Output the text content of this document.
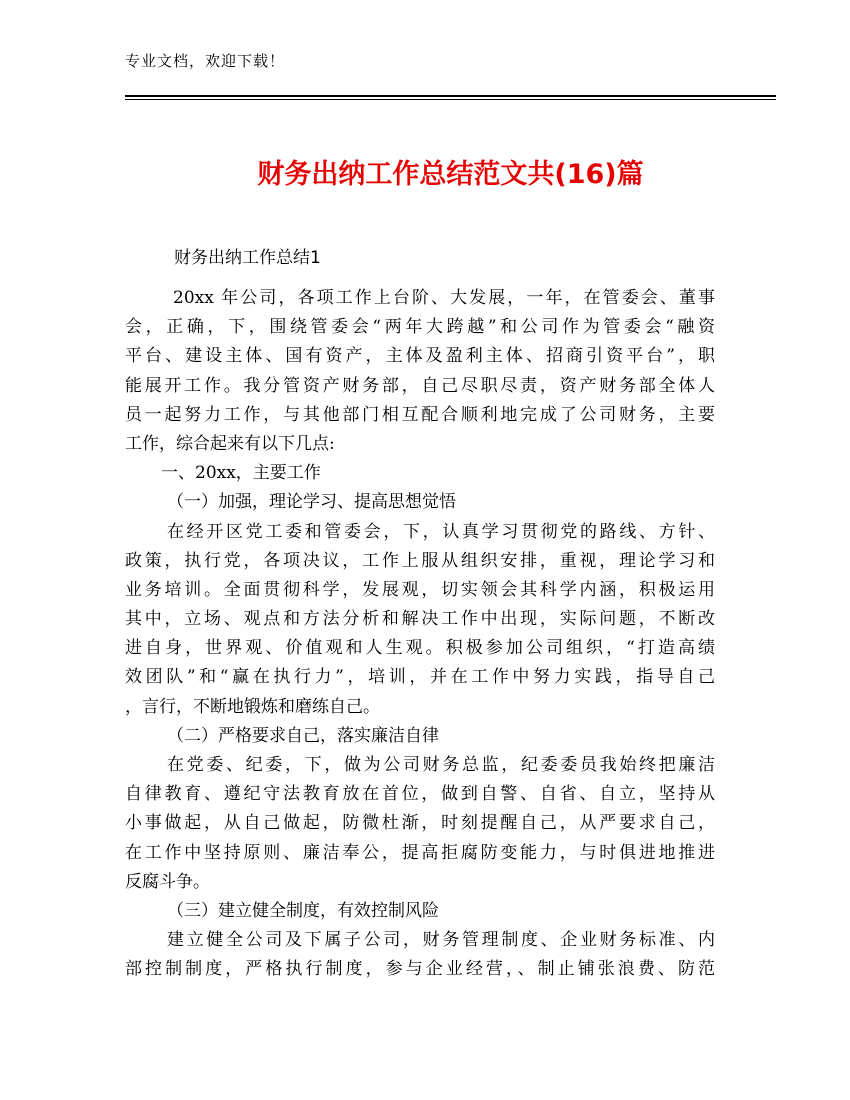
专业文档，欢迎下载！
财务出纳工作总结范文共(16)篇
财务出纳工作总结1
20xx 年公司，各项工作上台阶、大发展，一年，在管委会、董事
会，正确，下，围绕管委会“两年大跨越”和公司作为管委会“融资
平台、建设主体、国有资产，主体及盈利主体、招商引资平台”，职
能展开工作。我分管资产财务部，自己尽职尽责，资产财务部全体人
员一起努力工作，与其他部门相互配合顺利地完成了公司财务，主要
工作，综合起来有以下几点:
一、20xx，主要工作
（一）加强，理论学习、提高思想觉悟
在经开区党工委和管委会，下，认真学习贯彻党的路线、方针、
政策，执行党，各项决议，工作上服从组织安排，重视，理论学习和
业务培训。全面贯彻科学，发展观，切实领会其科学内涵，积极运用
其中，立场、观点和方法分析和解决工作中出现，实际问题，不断改
进自身，世界观、价值观和人生观。积极参加公司组织，“打造高绩
效团队”和“赢在执行力”，培训，并在工作中努力实践，指导自己
，言行，不断地锻炼和磨练自己。
（二）严格要求自己，落实廉洁自律
在党委、纪委，下，做为公司财务总监，纪委委员我始终把廉洁
自律教育、遵纪守法教育放在首位，做到自警、自省、自立，坚持从
小事做起，从自己做起，防微杜渐，时刻提醒自己，从严要求自己，
在工作中坚持原则、廉洁奉公，提高拒腐防变能力，与时俱进地推进
反腐斗争。
（三）建立健全制度，有效控制风险
建立健全公司及下属子公司，财务管理制度、企业财务标准、内
部控制制度，严格执行制度，参与企业经营，、制止铺张浪费、防范
